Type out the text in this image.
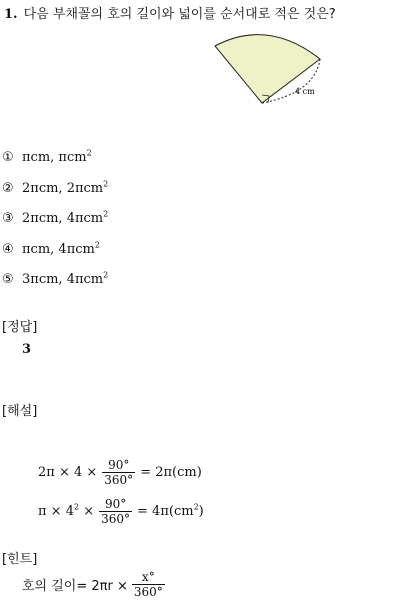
1. 다음 부채꼴의 호의 길이와 넓이를 순서대로 적은 것은?
4 cm
① πcm, πcm$^2$
② 2πcm, 2πcm$^2$
③ 2πcm, 4πcm$^2$
④ πcm, 4πcm$^2$
⑤ 3πcm, 4πcm$^2$
[정답]
3
[해설]
$2\pi \times 4 \times \frac{90^\circ}{360^\circ} = 2\pi(cm)$
$\pi \times 4^2 \times \frac{90^\circ}{360^\circ} = 4\pi(cm^2)$
[힌트]
호의 길이= $2\pi r \times \frac{x^\circ}{360^\circ}$
